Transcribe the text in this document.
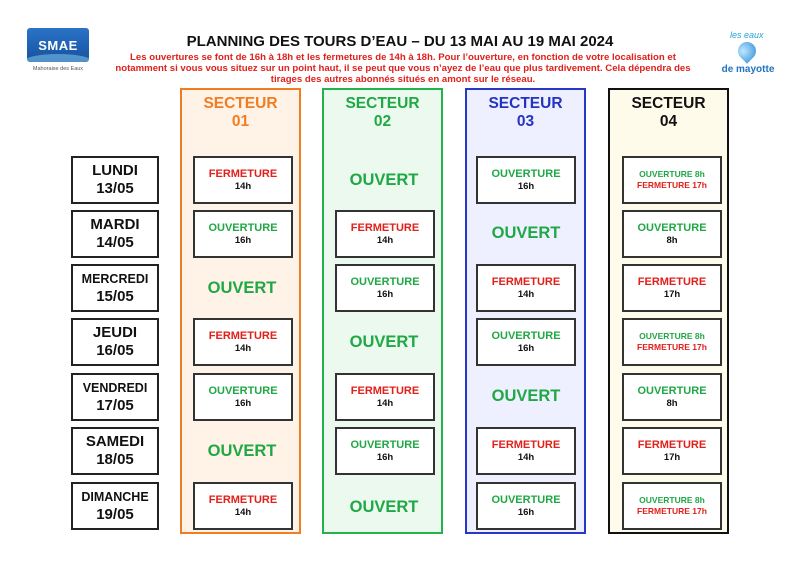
SMAE
Mahoraise des Eaux
les eaux
de mayotte
PLANNING DES TOURS D’EAU – DU 13 MAI AU 19 MAI 2024
Les ouvertures se font de 16h à 18h et les fermetures de 14h à 18h. Pour l’ouverture, en fonction de votre localisation et notamment si vous vous situez sur un point haut, il se peut que vous n’ayez de l’eau que plus tardivement. Cela dépendra des tirages des autres abonnés situés en amont sur le réseau.
SECTEUR
01
SECTEUR
02
SECTEUR
03
SECTEUR
04
LUNDI
13/05
MARDI
14/05
MERCREDI
15/05
JEUDI
16/05
VENDREDI
17/05
SAMEDI
18/05
DIMANCHE
19/05
FERMETURE
14h
OUVERTURE
16h
OUVERT
FERMETURE
14h
OUVERTURE
16h
OUVERT
FERMETURE
14h
OUVERT
FERMETURE
14h
OUVERTURE
16h
OUVERT
FERMETURE
14h
OUVERTURE
16h
OUVERT
OUVERTURE
16h
OUVERT
FERMETURE
14h
OUVERTURE
16h
OUVERT
FERMETURE
14h
OUVERTURE
16h
OUVERTURE 8h
FERMETURE 17h
OUVERTURE
8h
FERMETURE
17h
OUVERTURE 8h
FERMETURE 17h
OUVERTURE
8h
FERMETURE
17h
OUVERTURE 8h
FERMETURE 17h
